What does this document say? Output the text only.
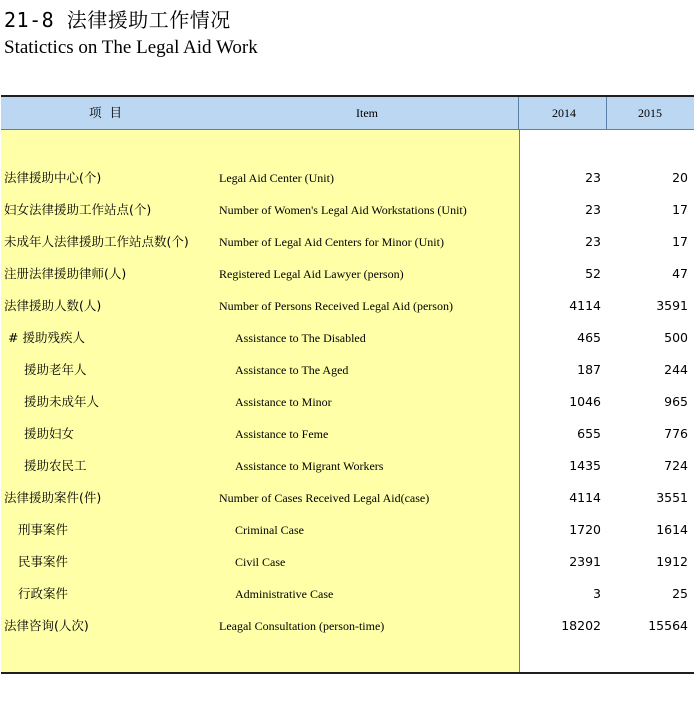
21-8 法律援助工作情况
Statictics on The Legal Aid Work
项 目	Item	2014	2015
法律援助中心(个)	Legal Aid Center (Unit)	23	20
妇女法律援助工作站点(个)	Number of Women's Legal Aid Workstations (Unit)	23	17
未成年人法律援助工作站点数(个)	Number of Legal Aid Centers for Minor (Unit)	23	17
注册法律援助律师(人)	Registered Legal Aid Lawyer (person)	52	47
法律援助人数(人)	Number of Persons Received Legal Aid (person)	4114	3591
# 援助残疾人	Assistance to The Disabled	465	500
援助老年人	Assistance to The Aged	187	244
援助未成年人	Assistance to Minor	1046	965
援助妇女	Assistance to Feme	655	776
援助农民工	Assistance to Migrant Workers	1435	724
法律援助案件(件)	Number of Cases Received Legal Aid(case)	4114	3551
刑事案件	Criminal Case	1720	1614
民事案件	Civil Case	2391	1912
行政案件	Administrative Case	3	25
法律咨询(人次)	Leagal Consultation (person-time)	18202	15564
